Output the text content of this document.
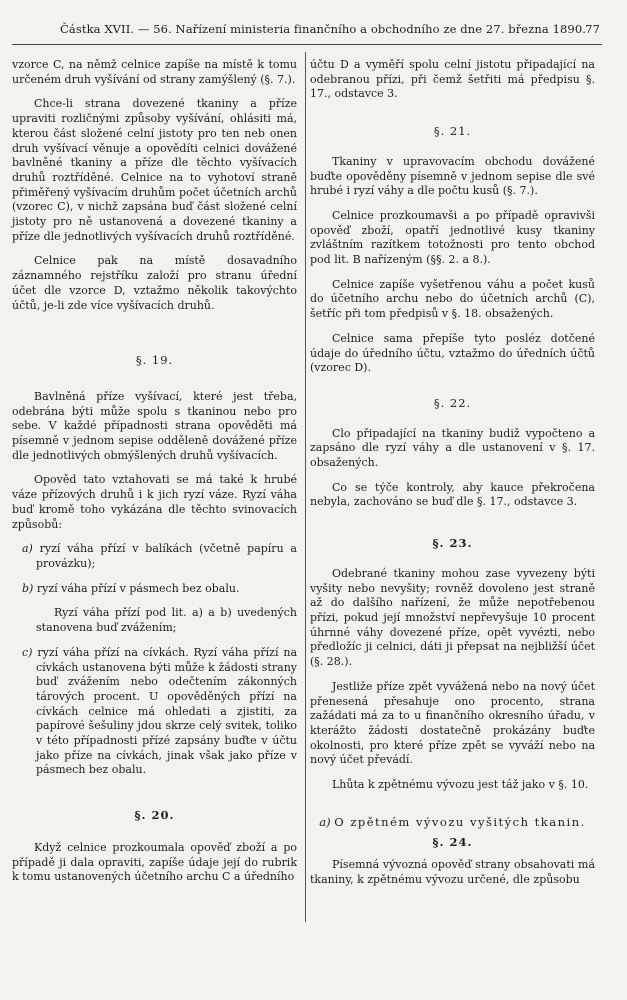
Částka XVII. — 56. Nařízení ministeria finančního a obchodního ze dne 27. března 1890. 77

vzorce C, na němž celnice zapíše na místě k tomu určeném druh vyšívání od strany zamýšlený (§. 7.).

Chce-li strana dovezené tkaniny a příze upraviti rozličnými způsoby vyšívání, ohlásiti má, kterou část složené celní jistoty pro ten neb onen druh vyšívací věnuje a opovědíti celnici dovážené bavlněné tkaniny a příze dle těchto vyšívacích druhů roztříděné. Celnice na to vyhotoví straně přiměřený vyšívacím druhům počet účetních archů (vzorec C), v nichž zapsána buď část složené celní jistoty pro ně ustanovená a dovezené tkaniny a příze dle jednotlivých vyšívacích druhů roztříděné.

Celnice pak na místě dosavadního záznamného rejstříku založí pro stranu úřední účet dle vzorce D, vztažmo několik takovýchto účtů, je-li zde více vyšívacích druhů.

§. 19.

Bavlněná příze vyšívací, které jest třeba, odebrána býti může spolu s tkaninou nebo pro sebe. V každé případnosti strana opověděti má písemně v jednom sepise odděleně dovážené příze dle jednotlivých obmýšlených druhů vyšívacích.

Opověd tato vztahovati se má také k hrubé váze přízových druhů i k jich ryzí váze. Ryzí váha buď kromě toho vykázána dle těchto svinovacích způsobů:

a) ryzí váha přízí v balíkách (včetně papíru a provázku);
b) ryzí váha přízí v pásmech bez obalu.

Ryzí váha přízí pod lit. a) a b) uvedených stanovena buď zvážením;

c) ryzí váha přízí na cívkách. Ryzí váha přízí na cívkách ustanovena býti může k žádosti strany buď zvážením nebo odečtením zákonných tárových procent. U opověděných přízí na cívkách celnice má ohledati a zjistiti, za papírové šešuliny jdou skrze celý svitek, toliko v této případnosti přízé zapsány buďte v účtu jako příze na cívkách, jinak však jako příze v pásmech bez obalu.
§. 20.

Když celnice prozkoumala opověď zboží a po případě ji dala opraviti, zapíše údaje její do rubrik k tomu ustanovených účetního archu C a úředního

účtu D a vyměří spolu celní jistotu připadající na odebranou přízi, při čemž šetřiti má předpisu §. 17., odstavce 3.

§. 21.

Tkaniny v upravovacím obchodu dovážené buďte opověděny písemně v jednom sepise dle své hrubé i ryzí váhy a dle počtu kusů (§. 7.).

Celnice prozkoumavši a po případě opravivši opověď zboží, opatří jednotlivé kusy tkaniny zvláštním razítkem totožnosti pro tento obchod pod lit. B nařízeným (§§. 2. a 8.).

Celnice zapíše vyšetřenou váhu a počet kusů do účetního archu nebo do účetních archů (C), šetříc při tom předpisů v §. 18. obsažených.

Celnice sama přepíše tyto posléz dotčené údaje do úředního účtu, vztažmo do úředních účtů (vzorec D).

§. 22.

Clo připadající na tkaniny budiž vypočteno a zapsáno dle ryzí váhy a dle ustanovení v §. 17. obsažených.

Co se týče kontroly, aby kauce překročena nebyla, zachováno se buď dle §. 17., odstavce 3.

§. 23.

Odebrané tkaniny mohou zase vyvezeny býti vyšity nebo nevyšity; rovněž dovoleno jest straně až do dalšího nařízení, že může nepotřebenou přízi, pokud její množství nepřevyšuje 10 procent úhrnné váhy dovezené příze, opět vyvézti, nebo předložíc ji celnici, dáti ji přepsat na nejbližší účet (§. 28.).

Jestliže příze zpět vyvážená nebo na nový účet přenesená přesahuje ono procento, strana zažádati má za to u finančního okresního úřadu, v kterážto žádosti dostatečně prokázány buďte okolnosti, pro které příze zpět se vyváží nebo na nový účet převádí.

Lhůta k zpětnému vývozu jest táž jako v §. 10.

a) O zpětném vývozu vyšitých tkanin.
§. 24.

Písemná vývozná opověď strany obsahovati má tkaniny, k zpětnému vývozu určené, dle způsobu
